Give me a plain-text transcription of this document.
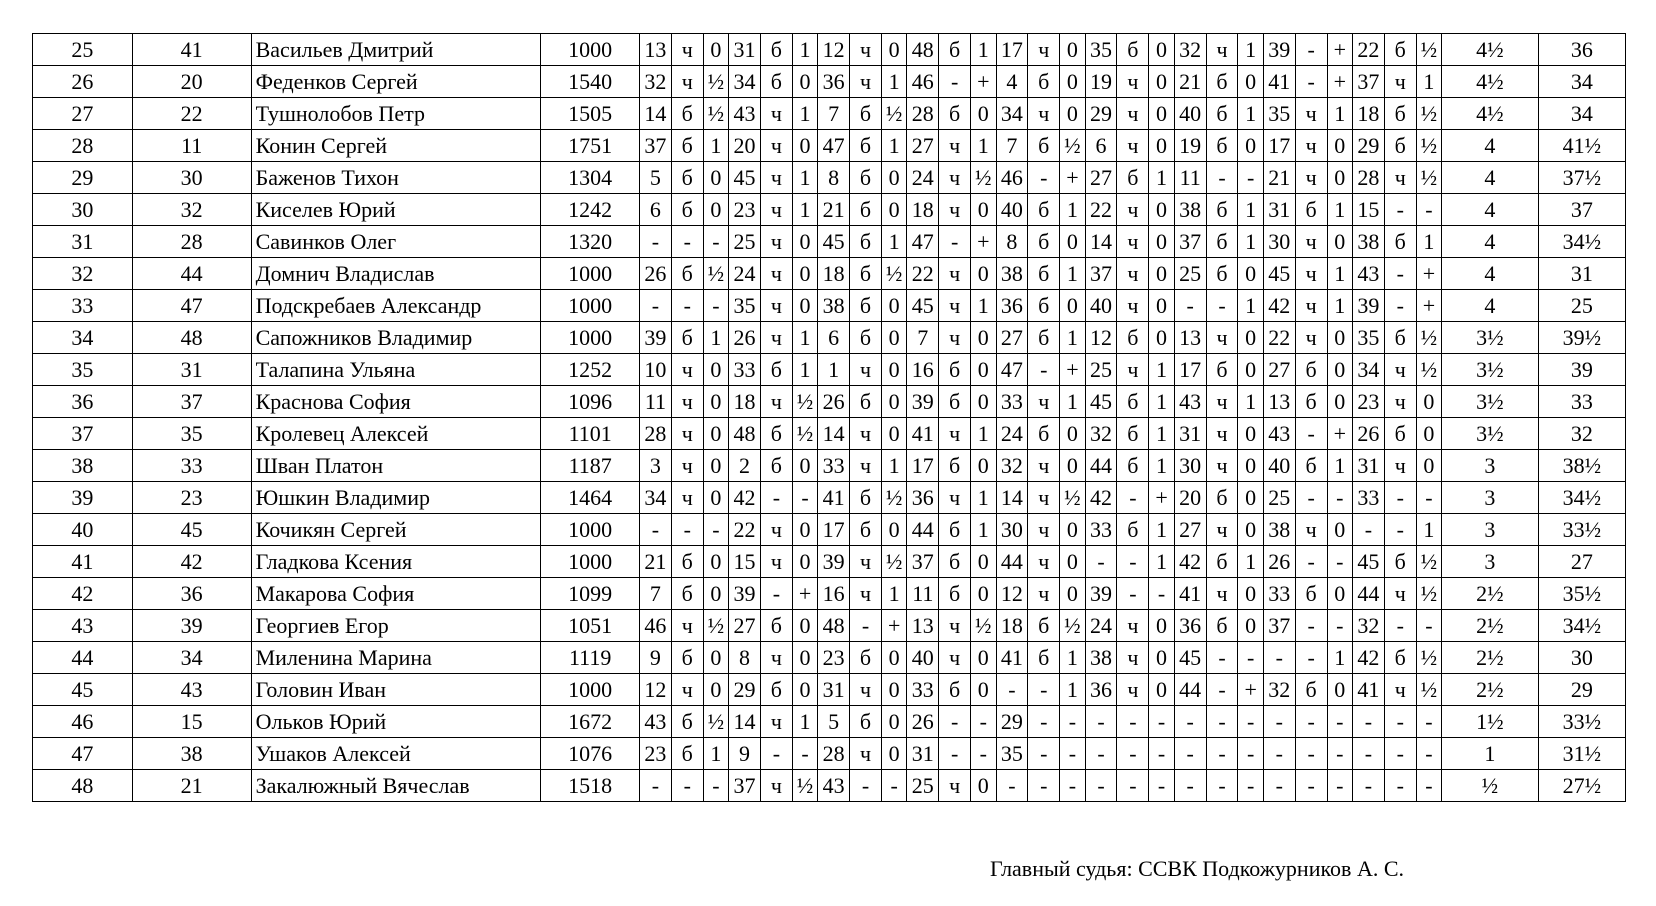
25	41	Васильев Дмитрий	1000	13	ч	0	31	б	1	12	ч	0	48	б	1	17	ч	0	35	б	0	32	ч	1	39	-	+	22	б	½	4½	36
26	20	Феденков Сергей	1540	32	ч	½	34	б	0	36	ч	1	46	-	+	4	б	0	19	ч	0	21	б	0	41	-	+	37	ч	1	4½	34
27	22	Тушнолобов Петр	1505	14	б	½	43	ч	1	7	б	½	28	б	0	34	ч	0	29	ч	0	40	б	1	35	ч	1	18	б	½	4½	34
28	11	Конин Сергей	1751	37	б	1	20	ч	0	47	б	1	27	ч	1	7	б	½	6	ч	0	19	б	0	17	ч	0	29	б	½	4	41½
29	30	Баженов Тихон	1304	5	б	0	45	ч	1	8	б	0	24	ч	½	46	-	+	27	б	1	11	-	-	21	ч	0	28	ч	½	4	37½
30	32	Киселев Юрий	1242	6	б	0	23	ч	1	21	б	0	18	ч	0	40	б	1	22	ч	0	38	б	1	31	б	1	15	-	-	4	37
31	28	Савинков Олег	1320	-	-	-	25	ч	0	45	б	1	47	-	+	8	б	0	14	ч	0	37	б	1	30	ч	0	38	б	1	4	34½
32	44	Домнич Владислав	1000	26	б	½	24	ч	0	18	б	½	22	ч	0	38	б	1	37	ч	0	25	б	0	45	ч	1	43	-	+	4	31
33	47	Подскребаев Александр	1000	-	-	-	35	ч	0	38	б	0	45	ч	1	36	б	0	40	ч	0	-	-	1	42	ч	1	39	-	+	4	25
34	48	Сапожников Владимир	1000	39	б	1	26	ч	1	6	б	0	7	ч	0	27	б	1	12	б	0	13	ч	0	22	ч	0	35	б	½	3½	39½
35	31	Талапина Ульяна	1252	10	ч	0	33	б	1	1	ч	0	16	б	0	47	-	+	25	ч	1	17	б	0	27	б	0	34	ч	½	3½	39
36	37	Краснова София	1096	11	ч	0	18	ч	½	26	б	0	39	б	0	33	ч	1	45	б	1	43	ч	1	13	б	0	23	ч	0	3½	33
37	35	Кролевец Алексей	1101	28	ч	0	48	б	½	14	ч	0	41	ч	1	24	б	0	32	б	1	31	ч	0	43	-	+	26	б	0	3½	32
38	33	Шван Платон	1187	3	ч	0	2	б	0	33	ч	1	17	б	0	32	ч	0	44	б	1	30	ч	0	40	б	1	31	ч	0	3	38½
39	23	Юшкин Владимир	1464	34	ч	0	42	-	-	41	б	½	36	ч	1	14	ч	½	42	-	+	20	б	0	25	-	-	33	-	-	3	34½
40	45	Кочикян Сергей	1000	-	-	-	22	ч	0	17	б	0	44	б	1	30	ч	0	33	б	1	27	ч	0	38	ч	0	-	-	1	3	33½
41	42	Гладкова Ксения	1000	21	б	0	15	ч	0	39	ч	½	37	б	0	44	ч	0	-	-	1	42	б	1	26	-	-	45	б	½	3	27
42	36	Макарова София	1099	7	б	0	39	-	+	16	ч	1	11	б	0	12	ч	0	39	-	-	41	ч	0	33	б	0	44	ч	½	2½	35½
43	39	Георгиев Егор	1051	46	ч	½	27	б	0	48	-	+	13	ч	½	18	б	½	24	ч	0	36	б	0	37	-	-	32	-	-	2½	34½
44	34	Миленина Марина	1119	9	б	0	8	ч	0	23	б	0	40	ч	0	41	б	1	38	ч	0	45	-	-	-	-	1	42	б	½	2½	30
45	43	Головин Иван	1000	12	ч	0	29	б	0	31	ч	0	33	б	0	-	-	1	36	ч	0	44	-	+	32	б	0	41	ч	½	2½	29
46	15	Ольков Юрий	1672	43	б	½	14	ч	1	5	б	0	26	-	-	29	-	-	-	-	-	-	-	-	-	-	-	-	-	-	1½	33½
47	38	Ушаков Алексей	1076	23	б	1	9	-	-	28	ч	0	31	-	-	35	-	-	-	-	-	-	-	-	-	-	-	-	-	-	1	31½
48	21	Закалюжный Вячеслав	1518	-	-	-	37	ч	½	43	-	-	25	ч	0	-	-	-	-	-	-	-	-	-	-	-	-	-	-	-	½	27½
Главный судья: ССВК Подкожурников А. С.
